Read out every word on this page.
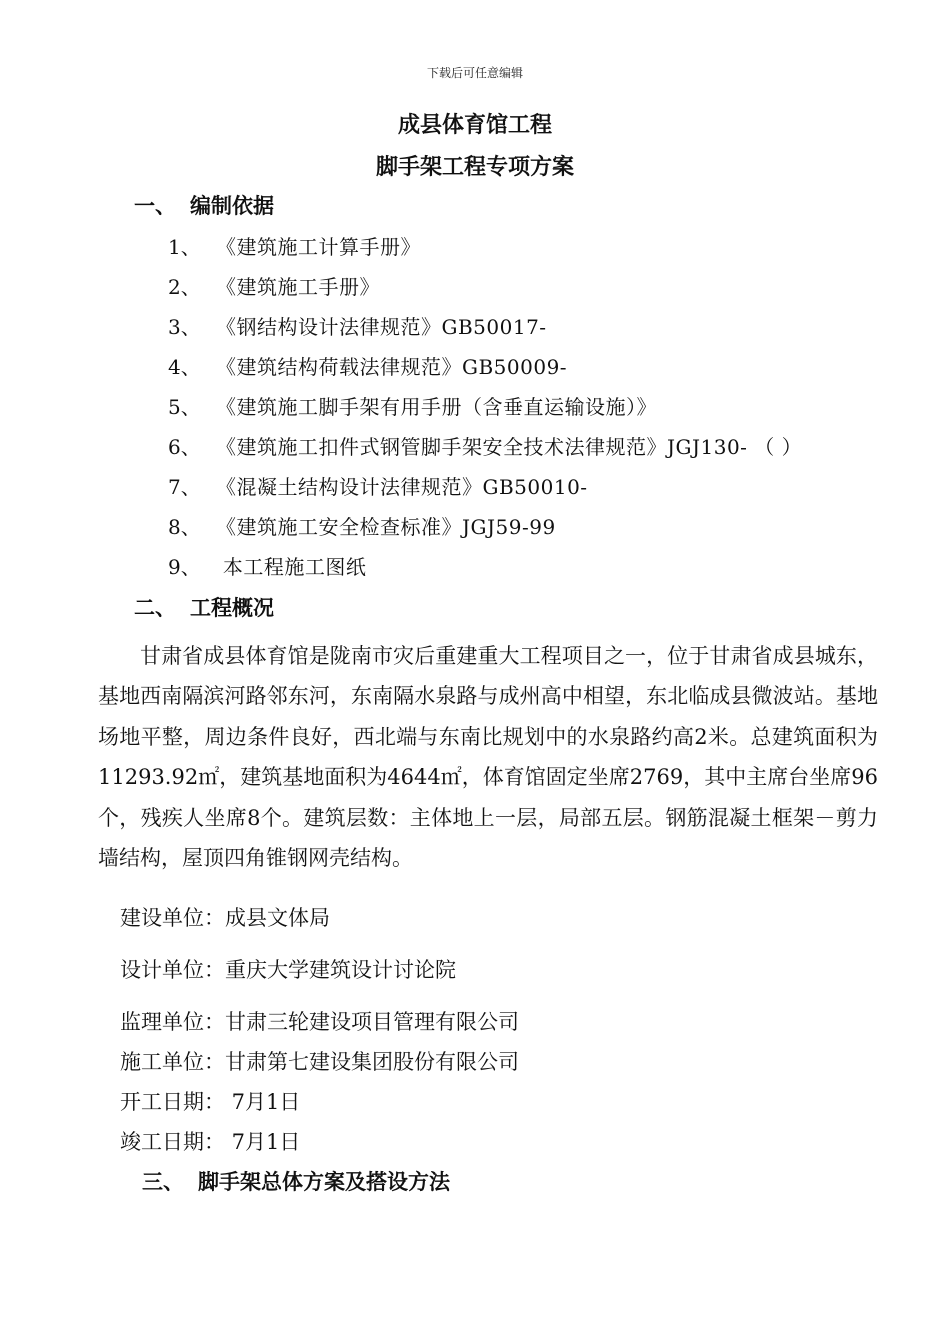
下载后可任意编辑
成县体育馆工程
脚手架工程专项方案
一、 编制依据
1、 《建筑施工计算手册》
2、 《建筑施工手册》
3、 《钢结构设计法律规范》GB50017-
4、 《建筑结构荷载法律规范》GB50009-
5、 《建筑施工脚手架有用手册（含垂直运输设施）》
6、 《建筑施工扣件式钢管脚手架安全技术法律规范》JGJ130- （ ）
7、 《混凝土结构设计法律规范》GB50010-
8、 《建筑施工安全检查标准》JGJ59-99
9、 本工程施工图纸
二、 工程概况
甘肃省成县体育馆是陇南市灾后重建重大工程项目之一，位于甘肃省成县城东，基地西南隔滨河路邻东河，东南隔水泉路与成州高中相望，东北临成县微波站。基地场地平整，周边条件良好，西北端与东南比规划中的水泉路约高2米。总建筑面积为11293.92㎡，建筑基地面积为4644㎡，体育馆固定坐席2769，其中主席台坐席96个，残疾人坐席8个。建筑层数：主体地上一层，局部五层。钢筋混凝土框架－剪力墙结构，屋顶四角锥钢网壳结构。
建设单位：成县文体局
设计单位：重庆大学建筑设计讨论院
监理单位：甘肃三轮建设项目管理有限公司
施工单位：甘肃第七建设集团股份有限公司
开工日期： 7月1日
竣工日期： 7月1日
三、 脚手架总体方案及搭设方法
